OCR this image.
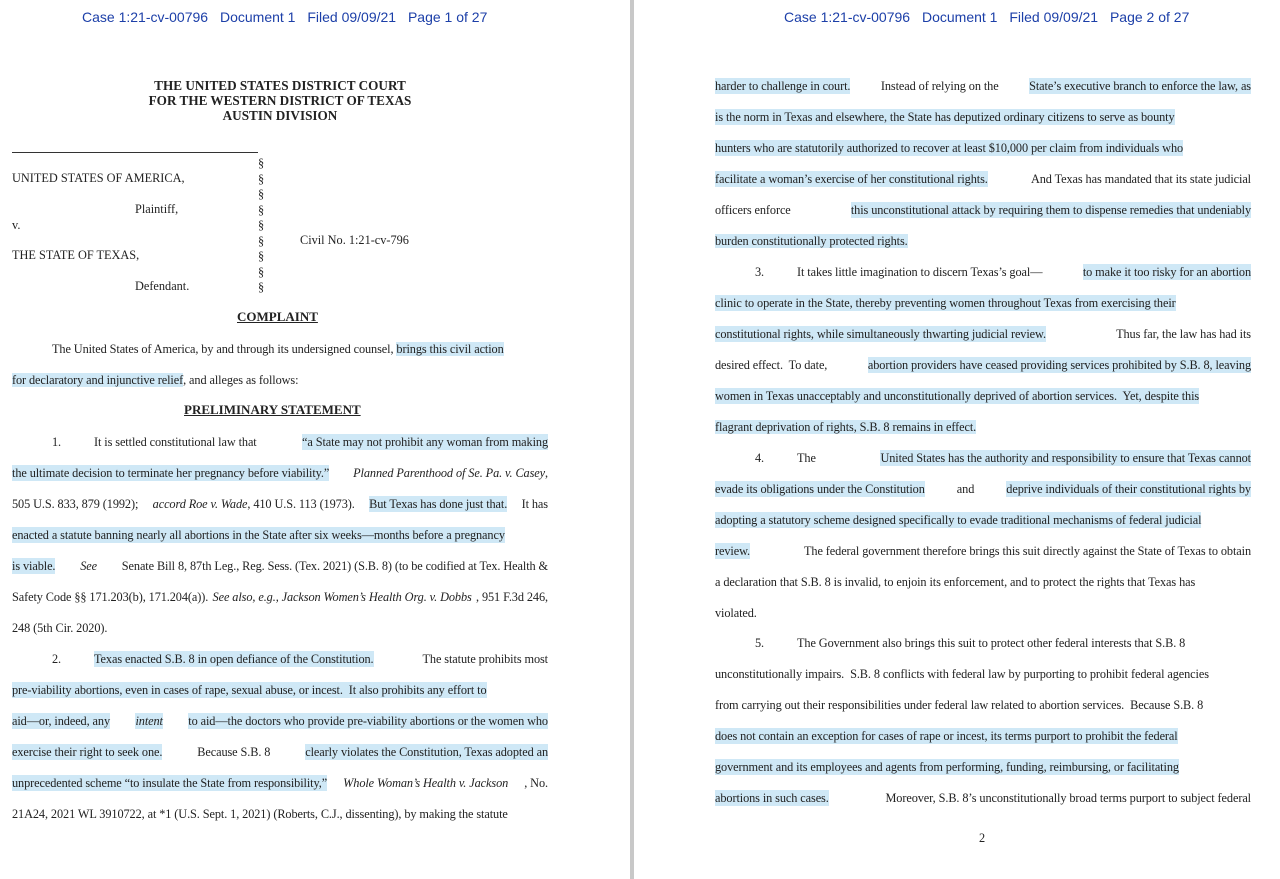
Case 1:21-cv-00796 Document 1 Filed 09/09/21 Page 1 of 27
THE UNITED STATES DISTRICT COURT
FOR THE WESTERN DISTRICT OF TEXAS
AUSTIN DIVISION
§
§
§
§
§
§
§
§
§
UNITED STATES OF AMERICA,
Plaintiff,
v.
Civil No. 1:21-cv-796
THE STATE OF TEXAS,
Defendant.
COMPLAINT
The United States of America, by and through its undersigned counsel, brings this civil action
for declaratory and injunctive relief, and alleges as follows:
PRELIMINARY STATEMENT
1.	It is settled constitutional law that	“a State may not prohibit any woman from making
the ultimate decision to terminate her pregnancy before viability.” Planned Parenthood of Se. Pa. v. Casey,
505 U.S. 833, 879 (1992); accord Roe v. Wade, 410 U.S. 113 (1973). But Texas has done just that. It has
enacted a statute banning nearly all abortions in the State after six weeks—months before a pregnancy
is viable. See Senate Bill 8, 87th Leg., Reg. Sess. (Tex. 2021) (S.B. 8) (to be codified at Tex. Health &
Safety Code §§ 171.203(b), 171.204(a)). See also, e.g., Jackson Women’s Health Org. v. Dobbs , 951 F.3d 246,
248 (5th Cir. 2020).
2.	Texas enacted S.B. 8 in open defiance of the Constitution.	The statute prohibits most
pre-viability abortions, even in cases of rape, sexual abuse, or incest.  It also prohibits any effort to
aid—or, indeed, any intent to aid—the doctors who provide pre-viability abortions or the women who
exercise their right to seek one.	Because S.B. 8	clearly violates the Constitution, Texas adopted an
unprecedented scheme “to insulate the State from responsibility,” Whole Woman’s Health v. Jackson , No.
21A24, 2021 WL 3910722, at *1 (U.S. Sept. 1, 2021) (Roberts, C.J., dissenting), by making the statute
Case 1:21-cv-00796 Document 1 Filed 09/09/21 Page 2 of 27
harder to challenge in court. Instead of relying on the State’s executive branch to enforce the law, as
is the norm in Texas and elsewhere, the State has deputized ordinary citizens to serve as bounty
hunters who are statutorily authorized to recover at least $10,000 per claim from individuals who
facilitate a woman’s exercise of her constitutional rights.	And Texas has mandated that its state judicial
officers enforce	this unconstitutional attack by requiring them to dispense remedies that undeniably
burden constitutionally protected rights.
3.	It takes little imagination to discern Texas’s goal—	to make it too risky for an abortion
clinic to operate in the State, thereby preventing women throughout Texas from exercising their
constitutional rights, while simultaneously thwarting judicial review.	Thus far, the law has had its
desired effect.  To date,	abortion providers have ceased providing services prohibited by S.B. 8, leaving
women in Texas unacceptably and unconstitutionally deprived of abortion services.  Yet, despite this
flagrant deprivation of rights, S.B. 8 remains in effect.
4.	The	United States has the authority and responsibility to ensure that Texas cannot
evade its obligations under the Constitution	and	deprive individuals of their constitutional rights by
adopting a statutory scheme designed specifically to evade traditional mechanisms of federal judicial
review.	The federal government therefore brings this suit directly against the State of Texas to obtain
a declaration that S.B. 8 is invalid, to enjoin its enforcement, and to protect the rights that Texas has
violated.
5.	The Government also brings this suit to protect other federal interests that S.B. 8
unconstitutionally impairs.  S.B. 8 conflicts with federal law by purporting to prohibit federal agencies
from carrying out their responsibilities under federal law related to abortion services.  Because S.B. 8
does not contain an exception for cases of rape or incest, its terms purport to prohibit the federal
government and its employees and agents from performing, funding, reimbursing, or facilitating
abortions in such cases.	Moreover, S.B. 8’s unconstitutionally broad terms purport to subject federal
2
